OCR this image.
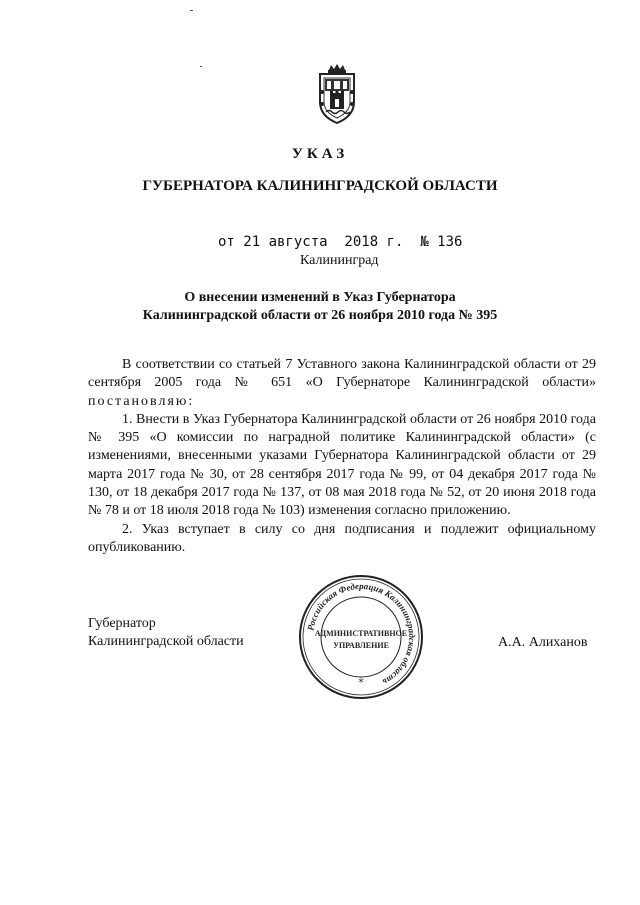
УКАЗ
ГУБЕРНАТОРА КАЛИНИНГРАДСКОЙ ОБЛАСТИ
от 21 августа  2018 г.  № 136
Калининград
О внесении изменений в Указ Губернатора
Калининградской области от 26 ноября 2010 года № 395

В соответствии со статьей 7 Уставного закона Калининградской области от 29 сентября 2005 года № 651 «О Губернаторе Калининградской области» постановляю:

1. Внести в Указ Губернатора Калининградской области от 26 ноября 2010 года № 395 «О комиссии по наградной политике Калининградской области» (с изменениями, внесенными указами Губернатора Калининградской области от 29 марта 2017 года № 30, от 28 сентября 2017 года № 99, от 04 декабря 2017 года № 130, от 18 декабря 2017 года № 137, от 08 мая 2018 года № 52, от 20 июня 2018 года № 78 и от 18 июля 2018 года № 103) изменения согласно приложению.

2. Указ вступает в силу со дня подписания и подлежит официальному опубликованию.

Губернатор
Калининградской области	А.А. Алиханов
Российская Федерация Калининградская область
АДМИНИСТРАТИВНОЕ
УПРАВЛЕНИЕ
*
